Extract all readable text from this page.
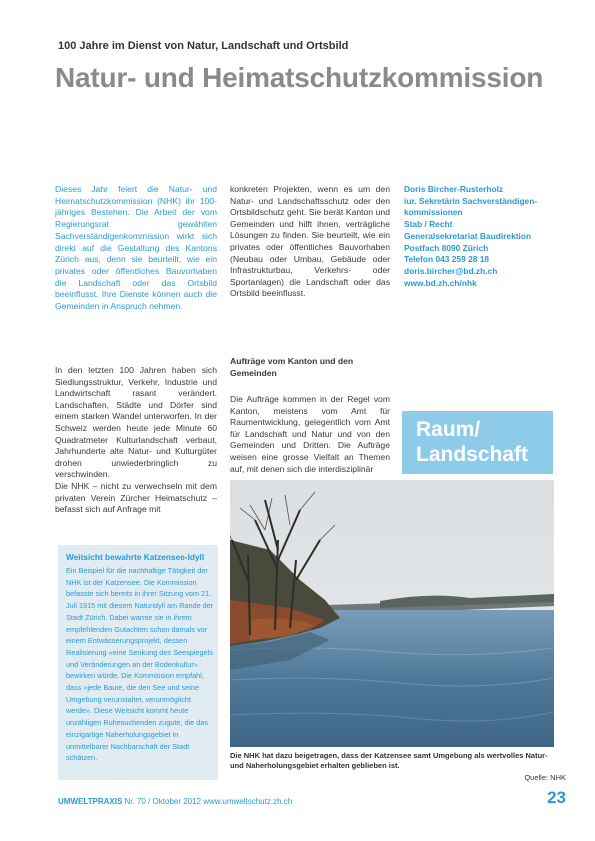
100 Jahre im Dienst von Natur, Landschaft und Ortsbild
Natur- und Heimatschutzkommission
Dieses Jahr feiert die Natur- und Heimatschutzkommission (NHK) ihr 100-jähriges Bestehen. Die Arbeit der vom Regierungsrat gewählten Sachverständigenkommission wirkt sich direkt auf die Gestaltung des Kantons Zürich aus, denn sie beurteilt, wie ein privates oder öffentliches Bauvorhaben die Landschaft oder das Ortsbild beeinflusst. Ihre Dienste können auch die Gemeinden in Anspruch nehmen.

In den letzten 100 Jahren haben sich Siedlungsstruktur, Verkehr, Industrie und Landwirtschaft rasant verändert. Landschaften, Städte und Dörfer sind einem starken Wandel unterworfen. In der Schweiz werden heute jede Minute 60 Quadratmeter Kulturlandschaft verbaut, Jahrhunderte alte Natur- und Kulturgüter drohen unwiederbringlich zu verschwinden.

Die NHK – nicht zu verwechseln mit dem privaten Verein Zürcher Heimatschutz – befasst sich auf Anfrage mit

konkreten Projekten, wenn es um den Natur- und Landschaftsschutz oder den Ortsbildschutz geht. Sie berät Kanton und Gemeinden und hilft ihnen, verträgliche Lösungen zu finden. Sie beurteilt, wie ein privates oder öffentliches Bauvorhaben (Neubau oder Umbau, Gebäude oder Infrastrukturbau, Verkehrs- oder Sportanlagen) die Landschaft oder das Ortsbild beeinflusst.
Aufträge vom Kanton und den Gemeinden
Die Aufträge kommen in der Regel vom Kanton, meistens vom Amt für Raumentwicklung, gelegentlich vom Amt für Landschaft und Natur und von den Gemeinden und Dritten. Die Aufträge weisen eine grosse Vielfalt an Themen auf, mit denen sich die interdisziplinär
Doris Bircher-Rusterholz
iur. Sekretärin Sachverständigen-
kommissionen
Stab / Recht
Generalsekretariat Baudirektion
Postfach 8090 Zürich
Telefon 043 259 28 18
doris.bircher@bd.zh.ch
www.bd.zh.ch/nhk
Raum/
Landschaft
Weitsicht bewahrte Katzensee-Idyll
Ein Beispiel für die nachhaltige Tätigkeit der NHK ist der Katzensee. Die Kommission befasste sich bereits in ihrer Sitzung vom 21. Juli 1915 mit diesem Naturidyll am Rande der Stadt Zürich. Dabei warnte sie in ihrem empfehlenden Gutachten schon damals vor einem Entwässerungsprojekt, dessen Realisierung «eine Senkung des Seespiegels und Veränderungen an der Bodenkultur» bewirken würde. Die Kommission empfahl, dass «jede Baute, die den See und seine Umgebung verunstaltet, verunmöglicht werde». Diese Weitsicht kommt heute unzähligen Ruhesuchenden zugute, die das einzigartige Naherholungsgebiet in unmittelbarer Nachbarschaft der Stadt schätzen.	Die NHK hat dazu beigetragen, dass der Katzensee samt Umgebung als wertvolles Natur- und Naherholungsgebiet erhalten geblieben ist.
Quelle: NHK
UMWELTPRAXIS Nr. 70 / Oktober 2012 www.umweltschutz.zh.ch	23
